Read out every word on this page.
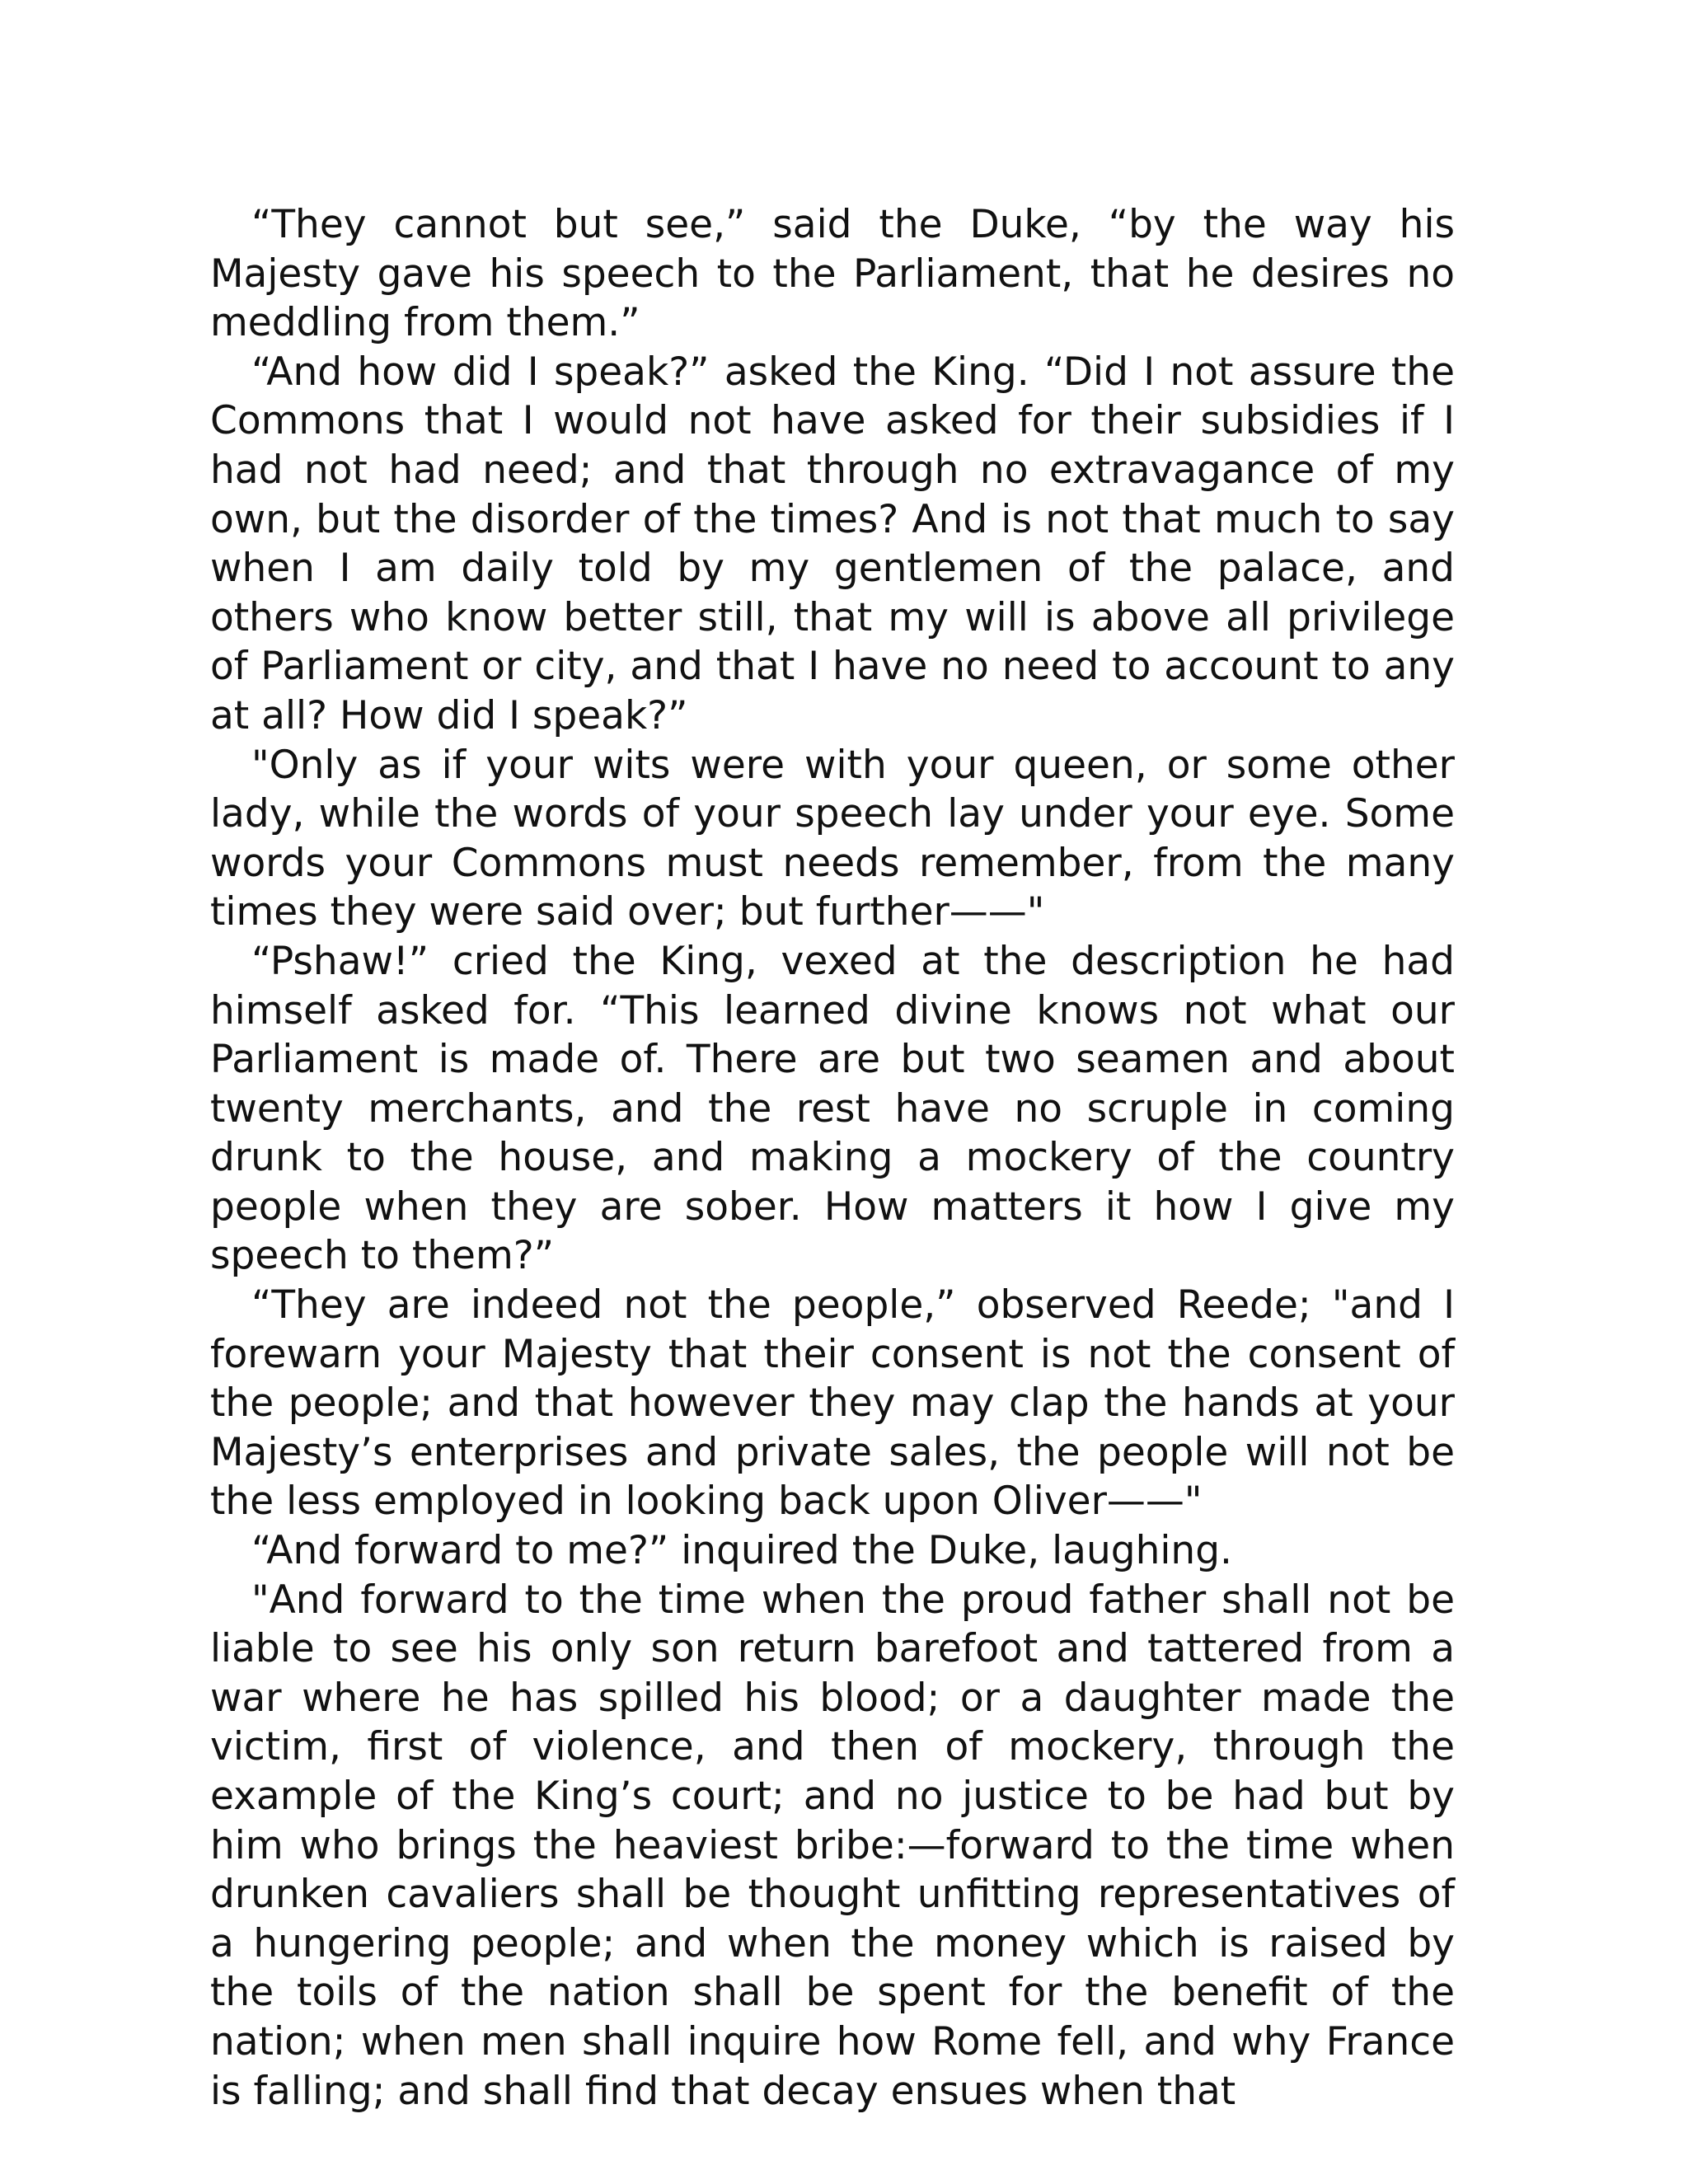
“They cannot but see,” said the Duke, “by the way his Majesty gave his speech to the Parliament, that he desires no meddling from them.”

“And how did I speak?” asked the King. “Did I not assure the Commons that I would not have asked for their subsidies if I had not had need; and that through no extravagance of my own, but the disorder of the times? And is not that much to say when I am daily told by my gentlemen of the palace, and others who know better still, that my will is above all privilege of Parliament or city, and that I have no need to account to any at all? How did I speak?”

"Only as if your wits were with your queen, or some other lady, while the words of your speech lay under your eye. Some words your Commons must needs remember, from the many times they were said over; but further——"

“Pshaw!” cried the King, vexed at the description he had himself asked for. “This learned divine knows not what our Parliament is made of. There are but two seamen and about twenty merchants, and the rest have no scruple in coming drunk to the house, and making a mockery of the country people when they are sober. How matters it how I give my speech to them?”

“They are indeed not the people,” observed Reede; "and I forewarn your Majesty that their consent is not the consent of the people; and that however they may clap the hands at your Majesty’s enterprises and private sales, the people will not be the less employed in looking back upon Oliver——"

“And forward to me?” inquired the Duke, laughing.

"And forward to the time when the proud father shall not be liable to see his only son return barefoot and tattered from a war where he has spilled his blood; or a daughter made the victim, first of violence, and then of mockery, through the example of the King’s court; and no justice to be had but by him who brings the heaviest bribe:—forward to the time when drunken cavaliers shall be thought unfitting representatives of a hungering people; and when the money which is raised by the toils of the nation shall be spent for the benefit of the nation; when men shall inquire how Rome fell, and why France is falling; and shall find that decay ensues when that
